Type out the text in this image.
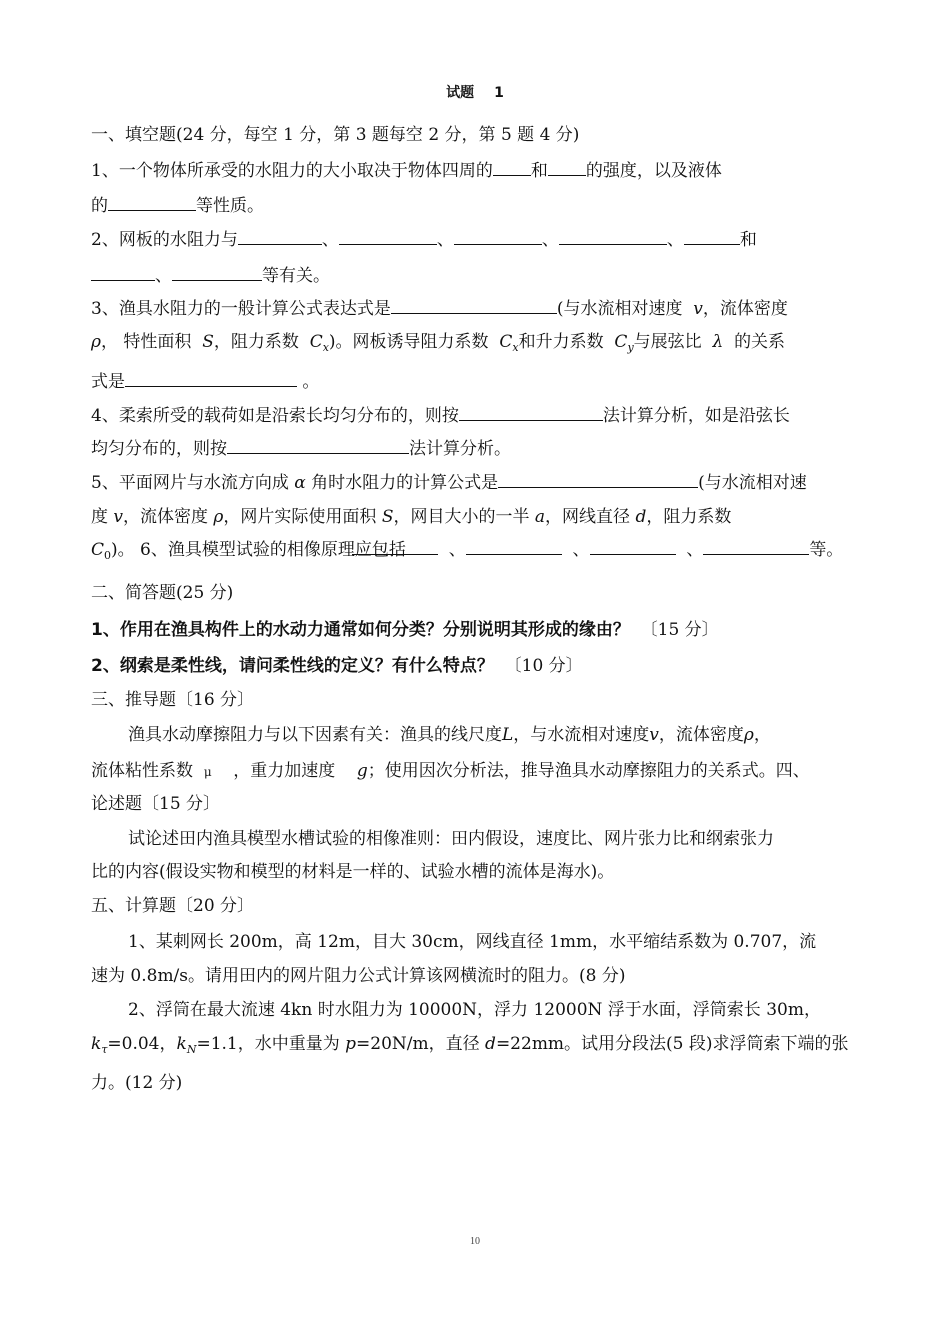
试题 1
一、填空题(24 分，每空 1 分，第 3 题每空 2 分，第 5 题 4 分)
1、一个物体所承受的水阻力的大小取决于物体四周的 和 的强度，以及液体
的	等性质。
2、网板的水阻力与	、	、	、	、	和
、	等有关。
3、渔具水阻力的一般计算公式表达式是	(与水流相对速度 v，流体密度
ρ， 特性面积 S，阻力系数 $C_x$)。网板诱导阻力系数 $C_x$和升力系数 $C_y$与展弦比 λ 的关系
式是	。
4、柔索所受的载荷如是沿索长均匀分布的，则按	法计算分析，如是沿弦长
均匀分布的，则按	法计算分析。
5、平面网片与水流方向成 α 角时水阻力的计算公式是	(与水流相对速
度 v，流体密度 ρ，网片实际使用面积 S，网目大小的一半 a，网线直径 d，阻力系数
$C_0$)。 6、渔具模型试验的相像原理应包括	、	、	、	等。
二、简答题(25 分)
1、作用在渔具构件上的水动力通常如何分类？分别说明其形成的缘由？ 〔15 分〕
2、纲索是柔性线，请问柔性线的定义？有什么特点？ 〔10 分〕
三、推导题〔16 分〕
渔具水动摩擦阻力与以下因素有关：渔具的线尺度L，与水流相对速度v，流体密度ρ，
流体粘性系数 μ ，重力加速度 g；使用因次分析法，推导渔具水动摩擦阻力的关系式。四、
论述题〔15 分〕
试论述田内渔具模型水槽试验的相像准则：田内假设，速度比、网片张力比和纲索张力
比的内容(假设实物和模型的材料是一样的、试验水槽的流体是海水)。
五、计算题〔20 分〕
1、某刺网长 200m，高 12m，目大 30cm，网线直径 1mm，水平缩结系数为 0.707，流
速为 0.8m/s。请用田内的网片阻力公式计算该网横流时的阻力。(8 分)
2、浮筒在最大流速 4kn 时水阻力为 10000N，浮力 12000N 浮于水面，浮筒索长 30m，
$k_\tau=0.04$，$k_N=1.1$，水中重量为 p=20N/m，直径 d=22mm。试用分段法(5 段)求浮筒索下端的张
力。(12 分)
10
